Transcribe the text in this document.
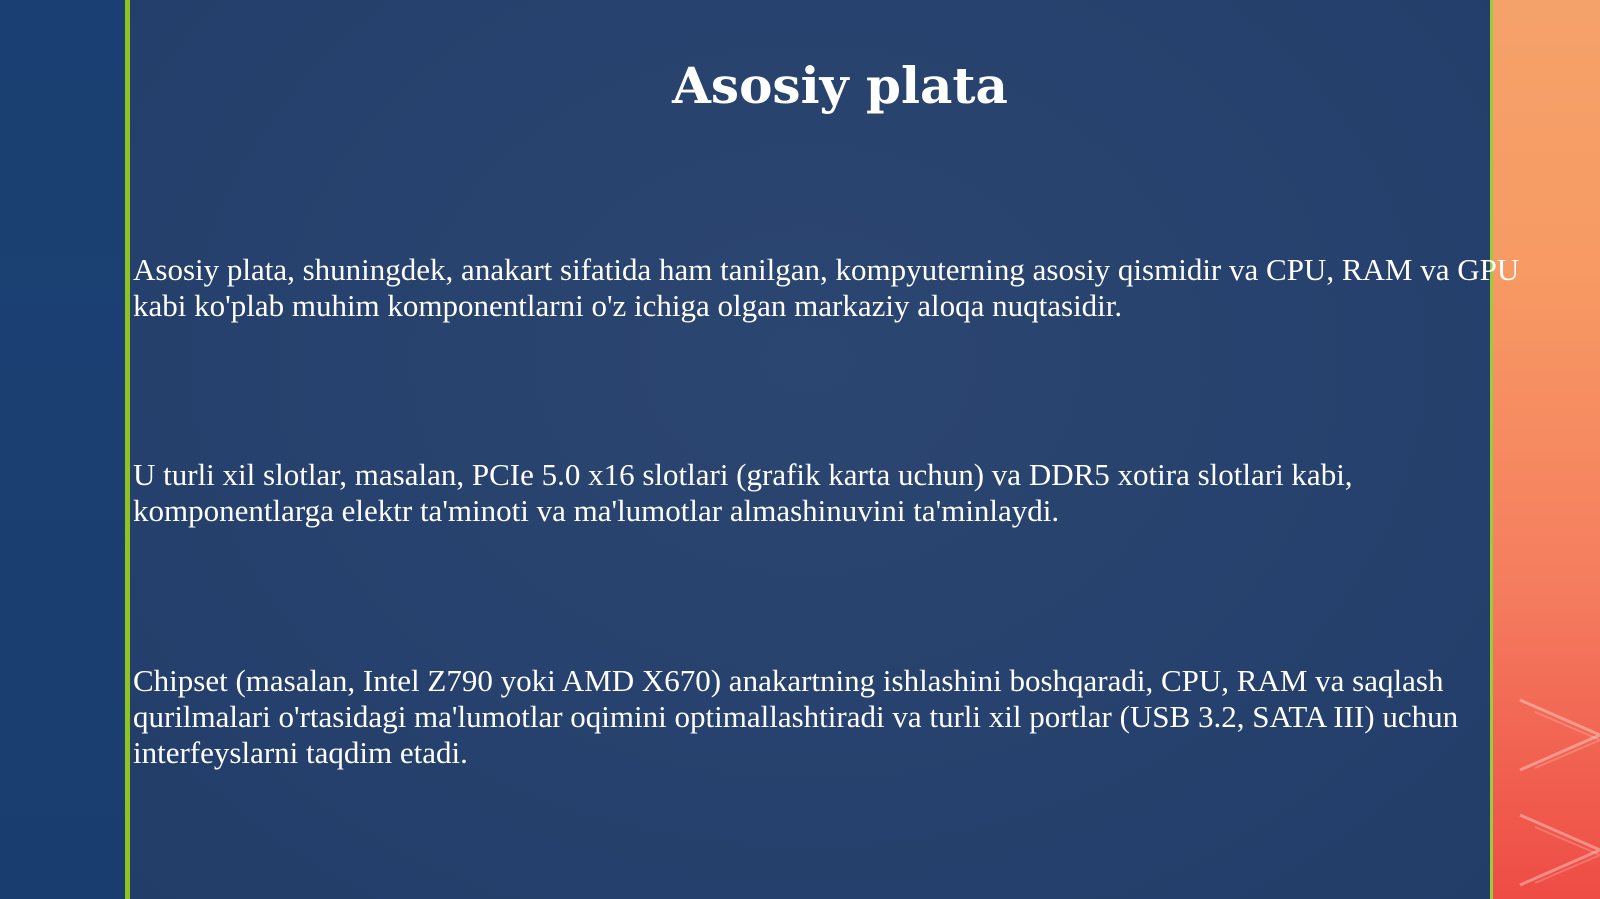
Asosiy plata

Asosiy plata, shuningdek, anakart sifatida ham tanilgan, kompyuterning asosiy qismidir va CPU, RAM va GPU kabi ko'plab muhim komponentlarni o'z ichiga olgan markaziy aloqa nuqtasidir.

U turli xil slotlar, masalan, PCIe 5.0 x16 slotlari (grafik karta uchun) va DDR5 xotira slotlari kabi, komponentlarga elektr ta'minoti va ma'lumotlar almashinuvini ta'minlaydi.

Chipset (masalan, Intel Z790 yoki AMD X670) anakartning ishlashini boshqaradi, CPU, RAM va saqlash qurilmalari o'rtasidagi ma'lumotlar oqimini optimallashtiradi va turli xil portlar (USB 3.2, SATA III) uchun interfeyslarni taqdim etadi.
